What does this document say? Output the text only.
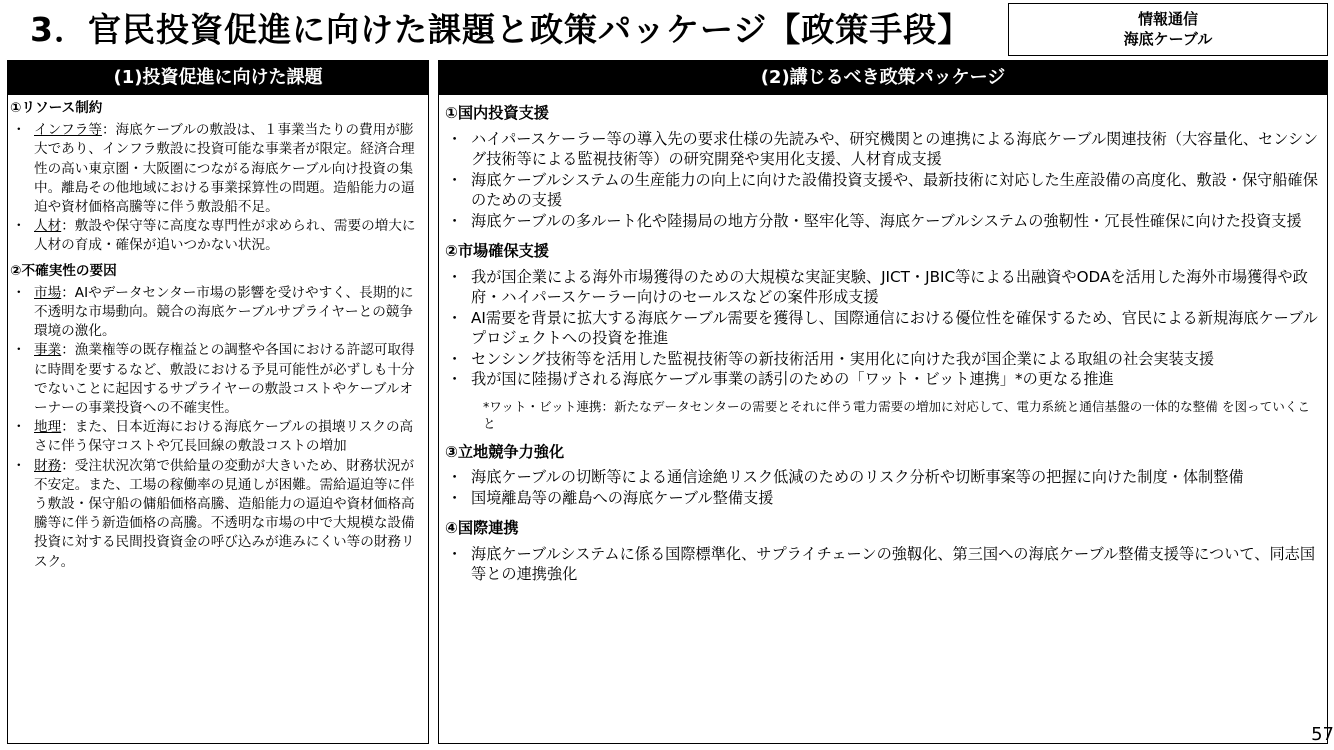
3．官民投資促進に向けた課題と政策パッケージ【政策手段】	情報通信
海底ケーブル
(1)投資促進に向けた課題
①リソース制約
・ インフラ等：海底ケーブルの敷設は、１事業当たりの費用が膨大であり、インフラ敷設に投資可能な事業者が限定。経済合理性の高い東京圏・大阪圏につながる海底ケーブル向け投資の集中。離島その他地域における事業採算性の問題。造船能力の逼迫や資材価格高騰等に伴う敷設船不足。
・ 人材：敷設や保守等に高度な専門性が求められ、需要の増大に人材の育成・確保が追いつかない状況。
②不確実性の要因
・ 市場：AIやデータセンター市場の影響を受けやすく、長期的に不透明な市場動向。競合の海底ケーブルサプライヤーとの競争環境の激化。
・ 事業：漁業権等の既存権益との調整や各国における許認可取得に時間を要するなど、敷設における予見可能性が必ずしも十分でないことに起因するサプライヤーの敷設コストやケーブルオーナーの事業投資への不確実性。
・ 地理：また、日本近海における海底ケーブルの損壊リスクの高さに伴う保守コストや冗長回線の敷設コストの増加
・ 財務：受注状況次第で供給量の変動が大きいため、財務状況が不安定。また、工場の稼働率の見通しが困難。需給逼迫等に伴う敷設・保守船の傭船価格高騰、造船能力の逼迫や資材価格高騰等に伴う新造価格の高騰。不透明な市場の中で大規模な設備投資に対する民間投資資金の呼び込みが進みにくい等の財務リスク。
(2)講じるべき政策パッケージ
①国内投資支援
・ ハイパースケーラー等の導入先の要求仕様の先読みや、研究機関との連携による海底ケーブル関連技術（大容量化、センシング技術等による監視技術等）の研究開発や実用化支援、人材育成支援
・ 海底ケーブルシステムの生産能力の向上に向けた設備投資支援や、最新技術に対応した生産設備の高度化、敷設・保守船確保のための支援
・ 海底ケーブルの多ルート化や陸揚局の地方分散・堅牢化等、海底ケーブルシステムの強靭性・冗長性確保に向けた投資支援
②市場確保支援
・ 我が国企業による海外市場獲得のための大規模な実証実験、JICT・JBIC等による出融資やODAを活用した海外市場獲得や政府・ハイパースケーラー向けのセールスなどの案件形成支援
・ AI需要を背景に拡大する海底ケーブル需要を獲得し、国際通信における優位性を確保するため、官民による新規海底ケーブルプロジェクトへの投資を推進
・ センシング技術等を活用した監視技術等の新技術活用・実用化に向けた我が国企業による取組の社会実装支援
・ 我が国に陸揚げされる海底ケーブル事業の誘引のための「ワット・ビット連携」*の更なる推進
*ワット・ビット連携：新たなデータセンターの需要とそれに伴う電力需要の増加に対応して、電力系統と通信基盤の一体的な整備 を図っていくこと
③立地競争力強化
・ 海底ケーブルの切断等による通信途絶リスク低減のためのリスク分析や切断事案等の把握に向けた制度・体制整備
・ 国境離島等の離島への海底ケーブル整備支援
④国際連携
・ 海底ケーブルシステムに係る国際標準化、サプライチェーンの強靱化、第三国への海底ケーブル整備支援等について、同志国等との連携強化
57
